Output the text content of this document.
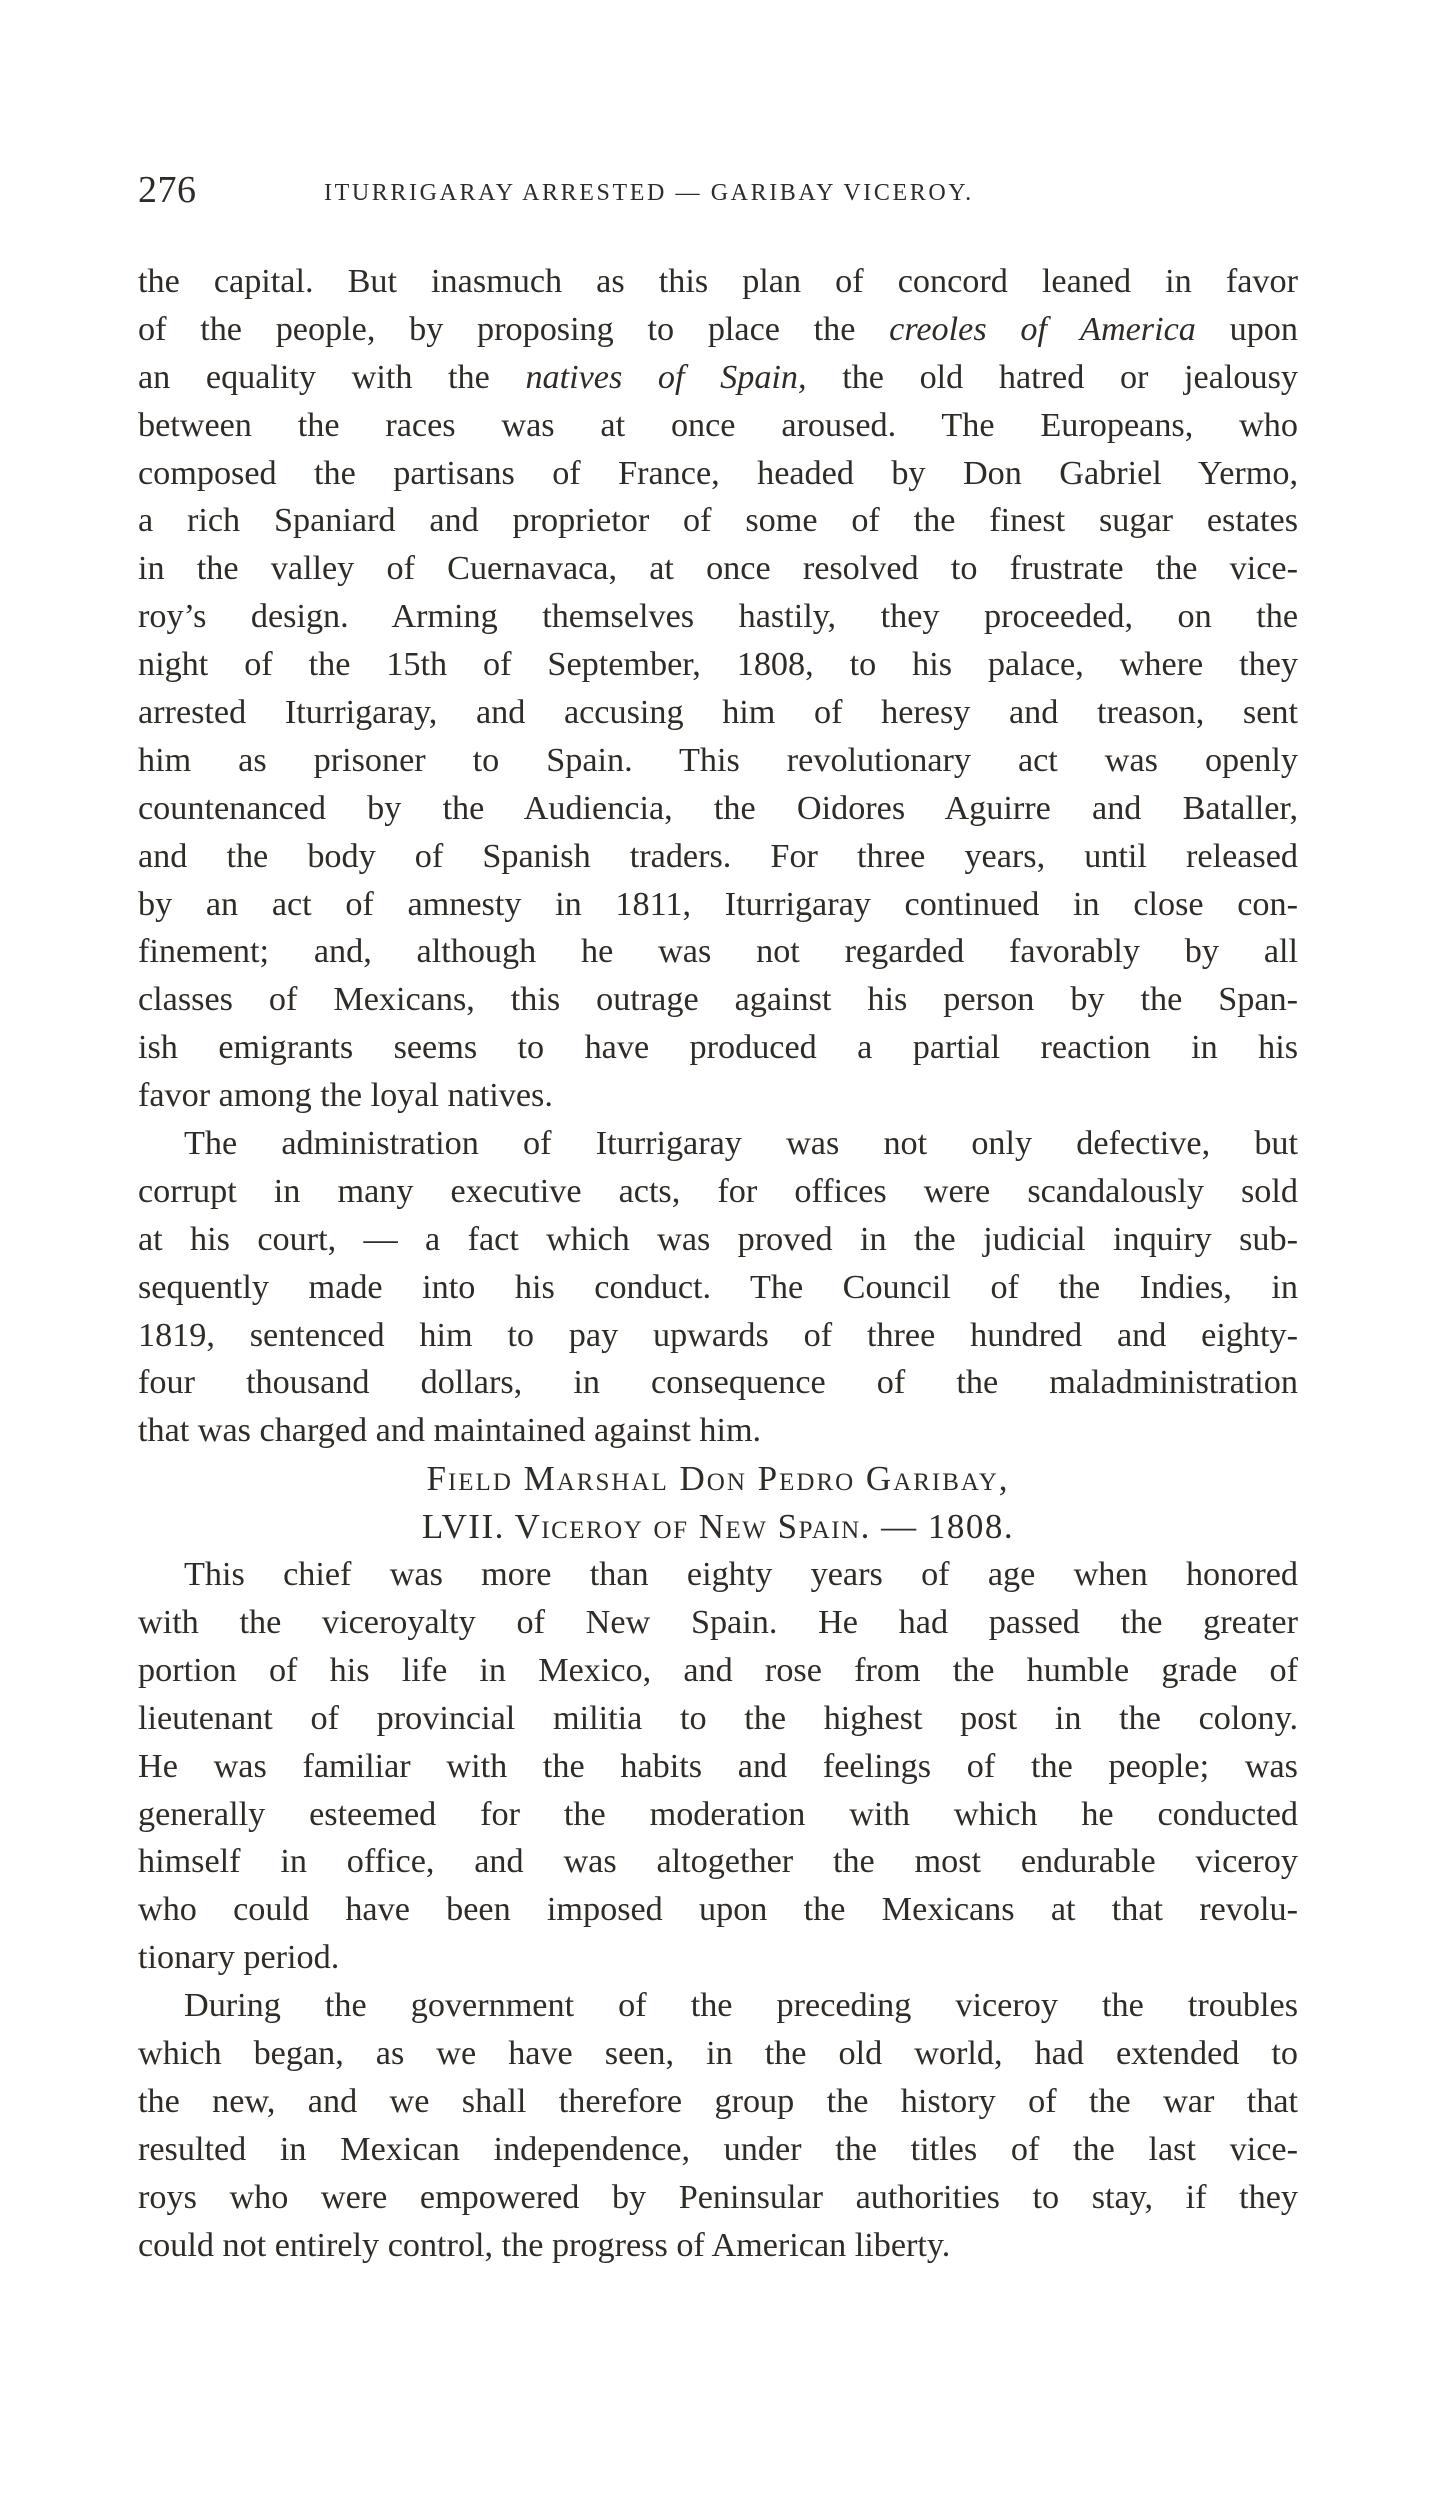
276	ITURRIGARAY ARRESTED — GARIBAY VICEROY.
the capital. But inasmuch as this plan of concord leaned in favor
of the people, by proposing to place the creoles of America upon
an equality with the natives of Spain, the old hatred or jealousy
between the races was at once aroused. The Europeans, who
composed the partisans of France, headed by Don Gabriel Yermo,
a rich Spaniard and proprietor of some of the finest sugar estates
in the valley of Cuernavaca, at once resolved to frustrate the vice-
roy’s design. Arming themselves hastily, they proceeded, on the
night of the 15th of September, 1808, to his palace, where they
arrested Iturrigaray, and accusing him of heresy and treason, sent
him as prisoner to Spain. This revolutionary act was openly
countenanced by the Audiencia, the Oidores Aguirre and Bataller,
and the body of Spanish traders. For three years, until released
by an act of amnesty in 1811, Iturrigaray continued in close con-
finement; and, although he was not regarded favorably by all
classes of Mexicans, this outrage against his person by the Span-
ish emigrants seems to have produced a partial reaction in his
favor among the loyal natives.
The administration of Iturrigaray was not only defective, but
corrupt in many executive acts, for offices were scandalously sold
at his court, — a fact which was proved in the judicial inquiry sub-
sequently made into his conduct. The Council of the Indies, in
1819, sentenced him to pay upwards of three hundred and eighty-
four thousand dollars, in consequence of the maladministration
that was charged and maintained against him.
Field Marshal Don Pedro Garibay,
LVII. Viceroy of New Spain. — 1808.
This chief was more than eighty years of age when honored
with the viceroyalty of New Spain. He had passed the greater
portion of his life in Mexico, and rose from the humble grade of
lieutenant of provincial militia to the highest post in the colony.
He was familiar with the habits and feelings of the people; was
generally esteemed for the moderation with which he conducted
himself in office, and was altogether the most endurable viceroy
who could have been imposed upon the Mexicans at that revolu-
tionary period.
During the government of the preceding viceroy the troubles
which began, as we have seen, in the old world, had extended to
the new, and we shall therefore group the history of the war that
resulted in Mexican independence, under the titles of the last vice-
roys who were empowered by Peninsular authorities to stay, if they
could not entirely control, the progress of American liberty.
